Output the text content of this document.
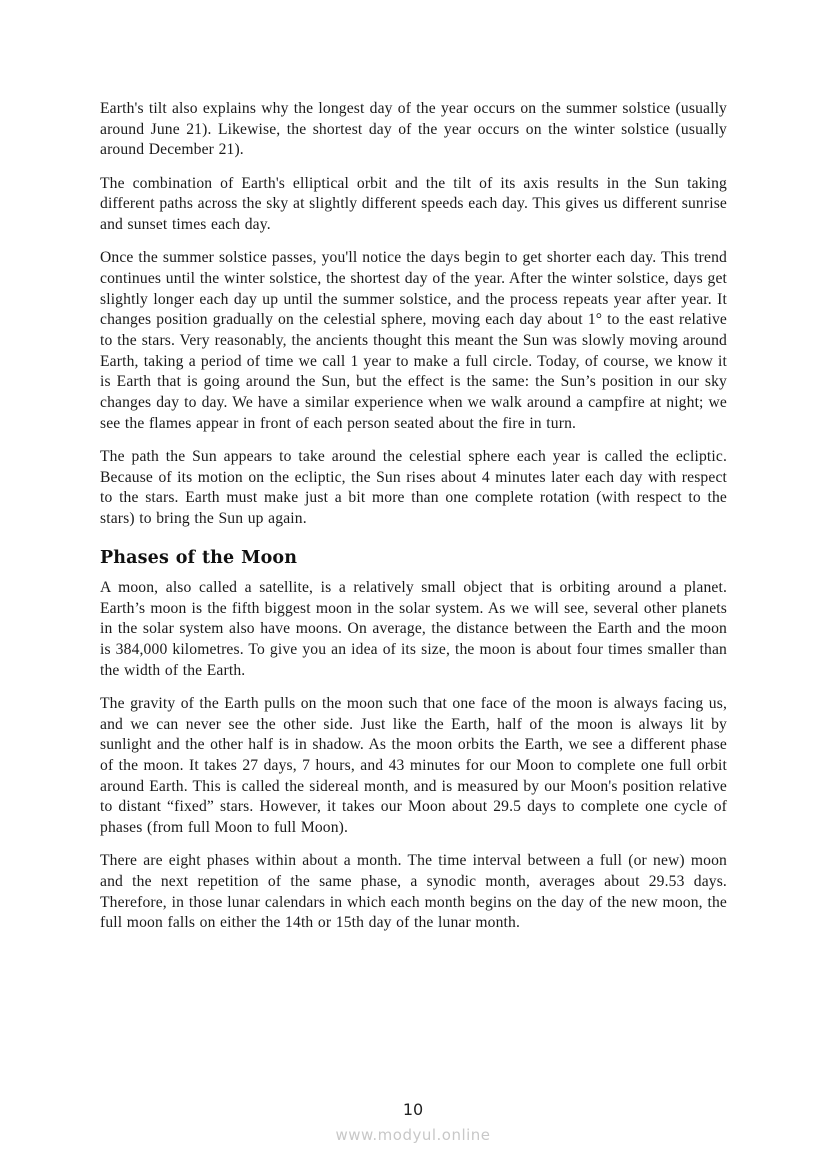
Earth's tilt also explains why the longest day of the year occurs on the summer solstice (usually around June 21). Likewise, the shortest day of the year occurs on the winter solstice (usually around December 21).

The combination of Earth's elliptical orbit and the tilt of its axis results in the Sun taking different paths across the sky at slightly different speeds each day. This gives us different sunrise and sunset times each day.

Once the summer solstice passes, you'll notice the days begin to get shorter each day. This trend continues until the winter solstice, the shortest day of the year. After the winter solstice, days get slightly longer each day up until the summer solstice, and the process repeats year after year. It changes position gradually on the celestial sphere, moving each day about 1° to the east relative to the stars. Very reasonably, the ancients thought this meant the Sun was slowly moving around Earth, taking a period of time we call 1 year to make a full circle. Today, of course, we know it is Earth that is going around the Sun, but the effect is the same: the Sun’s position in our sky changes day to day. We have a similar experience when we walk around a campfire at night; we see the flames appear in front of each person seated about the fire in turn.

The path the Sun appears to take around the celestial sphere each year is called the ecliptic. Because of its motion on the ecliptic, the Sun rises about 4 minutes later each day with respect to the stars. Earth must make just a bit more than one complete rotation (with respect to the stars) to bring the Sun up again.

Phases of the Moon

A moon, also called a satellite, is a relatively small object that is orbiting around a planet. Earth’s moon is the fifth biggest moon in the solar system. As we will see, several other planets in the solar system also have moons. On average, the distance between the Earth and the moon is 384,000 kilometres. To give you an idea of its size, the moon is about four times smaller than the width of the Earth.

The gravity of the Earth pulls on the moon such that one face of the moon is always facing us, and we can never see the other side. Just like the Earth, half of the moon is always lit by sunlight and the other half is in shadow. As the moon orbits the Earth, we see a different phase of the moon. It takes 27 days, 7 hours, and 43 minutes for our Moon to complete one full orbit around Earth. This is called the sidereal month, and is measured by our Moon's position relative to distant “fixed” stars. However, it takes our Moon about 29.5 days to complete one cycle of phases (from full Moon to full Moon).

There are eight phases within about a month. The time interval between a full (or new) moon and the next repetition of the same phase, a synodic month, averages about 29.53 days. Therefore, in those lunar calendars in which each month begins on the day of the new moon, the full moon falls on either the 14th or 15th day of the lunar month.

10
www.modyul.online
